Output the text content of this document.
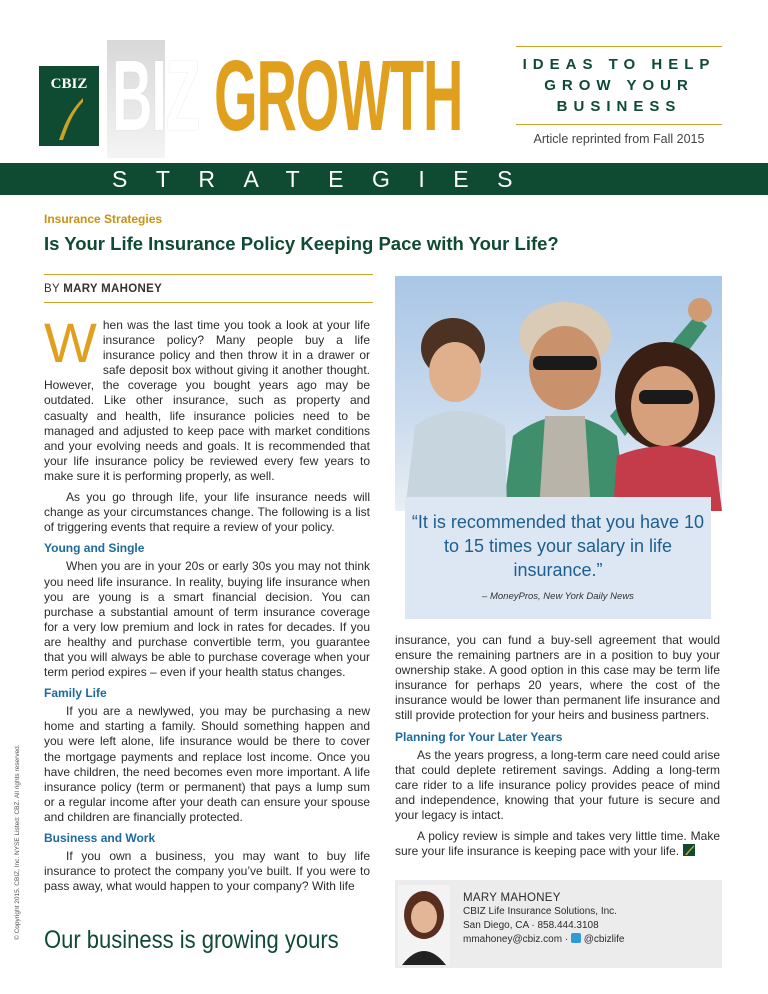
CBIZ BIZ GROWTH	IDEAS TO HELP
GROW YOUR
BUSINESS
Article reprinted from Fall 2015
STRATEGIES
Insurance Strategies
Is Your Life Insurance Policy Keeping Pace with Your Life?
BY MARY MAHONEY

When was the last time you took a look at your life insurance policy? Many people buy a life insurance policy and then throw it in a drawer or safe deposit box without giving it another thought. However, the coverage you bought years ago may be outdated. Like other insurance, such as property and casualty and health, life insurance policies need to be managed and adjusted to keep pace with market conditions and your evolving needs and goals. It is recommended that your life insurance policy be reviewed every few years to make sure it is performing properly, as well.

As you go through life, your life insurance needs will change as your circumstances change. The following is a list of triggering events that require a review of your policy.

Young and Single

When you are in your 20s or early 30s you may not think you need life insurance. In reality, buying life insurance when you are young is a smart financial decision. You can purchase a substantial amount of term insurance coverage for a very low premium and lock in rates for decades. If you are healthy and purchase convertible term, you guarantee that you will always be able to purchase coverage when your term period expires – even if your health status changes.

Family Life

If you are a newlywed, you may be purchasing a new home and starting a family. Should something happen and you were left alone, life insurance would be there to cover the mortgage payments and replace lost income. Once you have children, the need becomes even more important. A life insurance policy (term or permanent) that pays a lump sum or a regular income after your death can ensure your spouse and children are financially protected.

Business and Work

If you own a business, you may want to buy life insurance to protect the company you’ve built. If you were to pass away, what would happen to your company? With life

“It is recommended that you have 10 to 15 times your salary in life insurance.”
– MoneyPros, New York Daily News

insurance, you can fund a buy-sell agreement that would ensure the remaining partners are in a position to buy your ownership stake. A good option in this case may be term life insurance for perhaps 20 years, where the cost of the insurance would be lower than permanent life insurance and still provide protection for your heirs and business partners.

Planning for Your Later Years

As the years progress, a long-term care need could arise that could deplete retirement savings. Adding a long-term care rider to a life insurance policy provides peace of mind and independence, knowing that your future is secure and your legacy is intact.

A policy review is simple and takes very little time. Make sure your life insurance is keeping pace with your life.

MARY MAHONEY
CBIZ Life Insurance Solutions, Inc.
San Diego, CA · 858.444.3108
mmahoney@cbiz.com ·  @cbizlife
Our business is growing yours
© Copyright 2015. CBIZ, Inc. NYSE Listed: CBZ. All rights reserved.
